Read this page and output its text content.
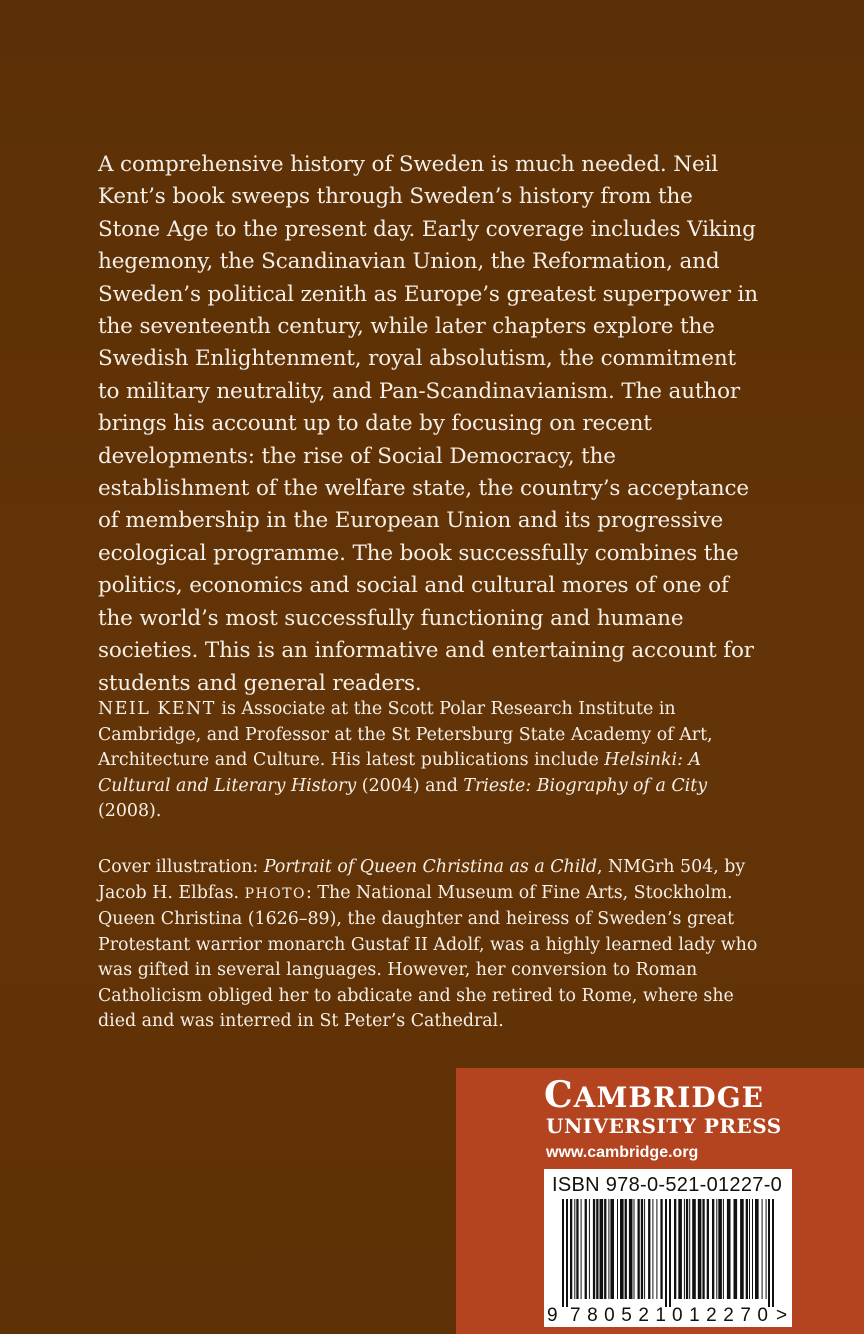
A comprehensive history of Sweden is much needed. Neil Kent’s book sweeps through Sweden’s history from the Stone Age to the present day. Early coverage includes Viking hegemony, the Scandinavian Union, the Reformation, and Sweden’s political zenith as Europe’s greatest superpower in the seventeenth century, while later chapters explore the Swedish Enlightenment, royal absolutism, the commitment to military neutrality, and Pan-Scandinavianism. The author brings his account up to date by focusing on recent developments: the rise of Social Democracy, the establishment of the welfare state, the country’s acceptance of membership in the European Union and its progressive ecological programme. The book successfully combines the politics, economics and social and cultural mores of one of the world’s most successfully functioning and humane societies. This is an informative and entertaining account for students and general readers.

NEIL KENT is Associate at the Scott Polar Research Institute in Cambridge, and Professor at the St Petersburg State Academy of Art, Architecture and Culture. His latest publications include Helsinki: A Cultural and Literary History (2004) and Trieste: Biography of a City (2008).

Cover illustration: Portrait of Queen Christina as a Child, NMGrh 504, by Jacob H. Elbfas. PHOTO: The National Museum of Fine Arts, Stockholm. Queen Christina (1626–89), the daughter and heiress of Sweden’s great Protestant warrior monarch Gustaf II Adolf, was a highly learned lady who was gifted in several languages. However, her conversion to Roman Catholicism obliged her to abdicate and she retired to Rome, where she died and was interred in St Peter’s Cathedral.

CAMBRIDGE
UNIVERSITY PRESS
www.cambridge.org
ISBN 978-0-521-01227-0
9 780521 012270 >
